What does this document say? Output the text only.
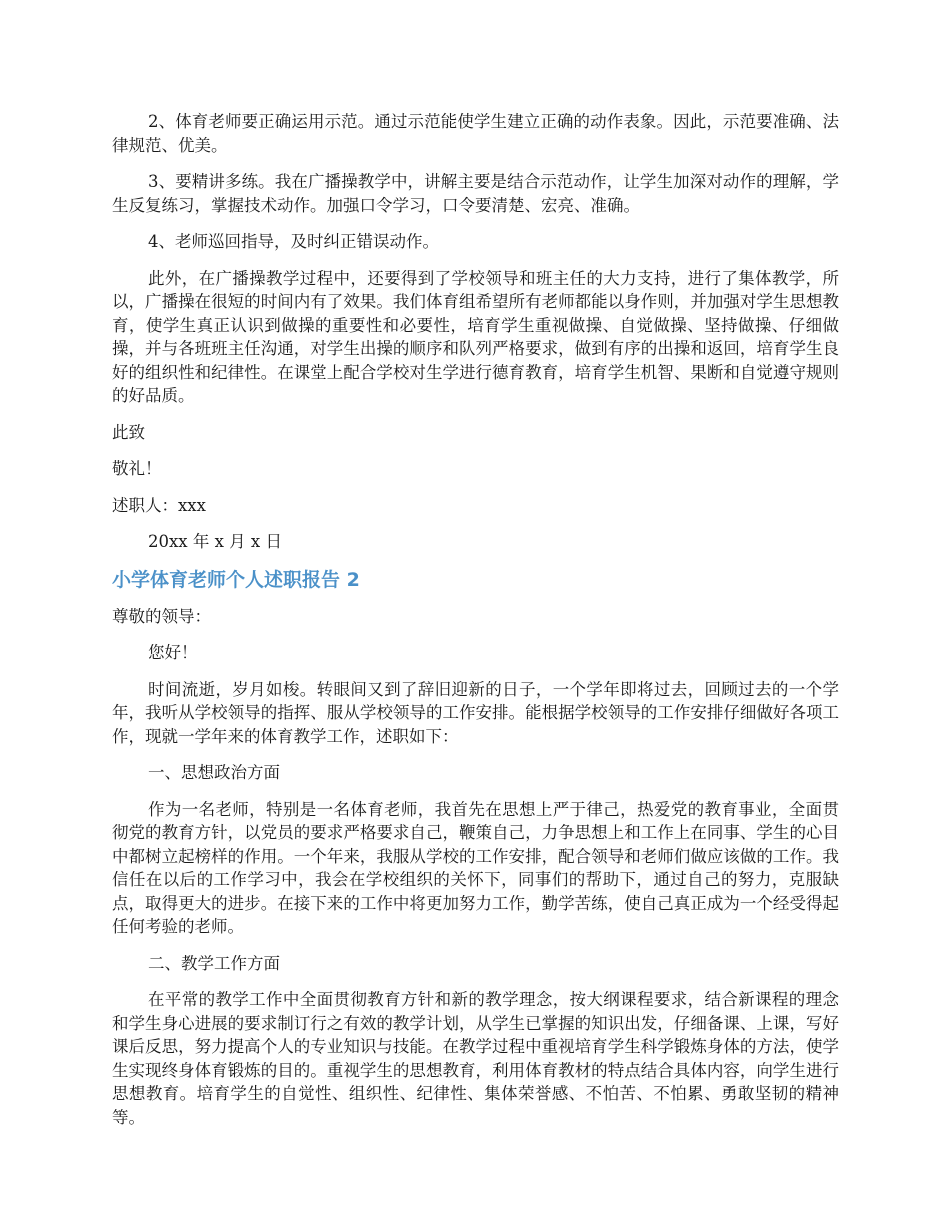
2、体育老师要正确运用示范。通过示范能使学生建立正确的动作表象。因此，示范要准确、法律规范、优美。

3、要精讲多练。我在广播操教学中，讲解主要是结合示范动作，让学生加深对动作的理解，学生反复练习，掌握技术动作。加强口令学习，口令要清楚、宏亮、准确。

4、老师巡回指导，及时纠正错误动作。

此外，在广播操教学过程中，还要得到了学校领导和班主任的大力支持，进行了集体教学，所以，广播操在很短的时间内有了效果。我们体育组希望所有老师都能以身作则，并加强对学生思想教育，使学生真正认识到做操的重要性和必要性，培育学生重视做操、自觉做操、坚持做操、仔细做操，并与各班班主任沟通，对学生出操的顺序和队列严格要求，做到有序的出操和返回，培育学生良好的组织性和纪律性。在课堂上配合学校对生学进行德育教育，培育学生机智、果断和自觉遵守规则的好品质。

此致

敬礼！

述职人：xxx

20xx 年 x 月 x 日

小学体育老师个人述职报告 2

尊敬的领导：

您好！

时间流逝，岁月如梭。转眼间又到了辞旧迎新的日子，一个学年即将过去，回顾过去的一个学年，我听从学校领导的指挥、服从学校领导的工作安排。能根据学校领导的工作安排仔细做好各项工作，现就一学年来的体育教学工作，述职如下：

一、思想政治方面

作为一名老师，特别是一名体育老师，我首先在思想上严于律己，热爱党的教育事业，全面贯彻党的教育方针，以党员的要求严格要求自己，鞭策自己，力争思想上和工作上在同事、学生的心目中都树立起榜样的作用。一个年来，我服从学校的工作安排，配合领导和老师们做应该做的工作。我信任在以后的工作学习中，我会在学校组织的关怀下，同事们的帮助下，通过自己的努力，克服缺点，取得更大的进步。在接下来的工作中将更加努力工作，勤学苦练，使自己真正成为一个经受得起任何考验的老师。

二、教学工作方面

在平常的教学工作中全面贯彻教育方针和新的教学理念，按大纲课程要求，结合新课程的理念和学生身心进展的要求制订行之有效的教学计划，从学生已掌握的知识出发，仔细备课、上课，写好课后反思，努力提高个人的专业知识与技能。在教学过程中重视培育学生科学锻炼身体的方法，使学生实现终身体育锻炼的目的。重视学生的思想教育，利用体育教材的特点结合具体内容，向学生进行思想教育。培育学生的自觉性、组织性、纪律性、集体荣誉感、不怕苦、不怕累、勇敢坚韧的精神等。
